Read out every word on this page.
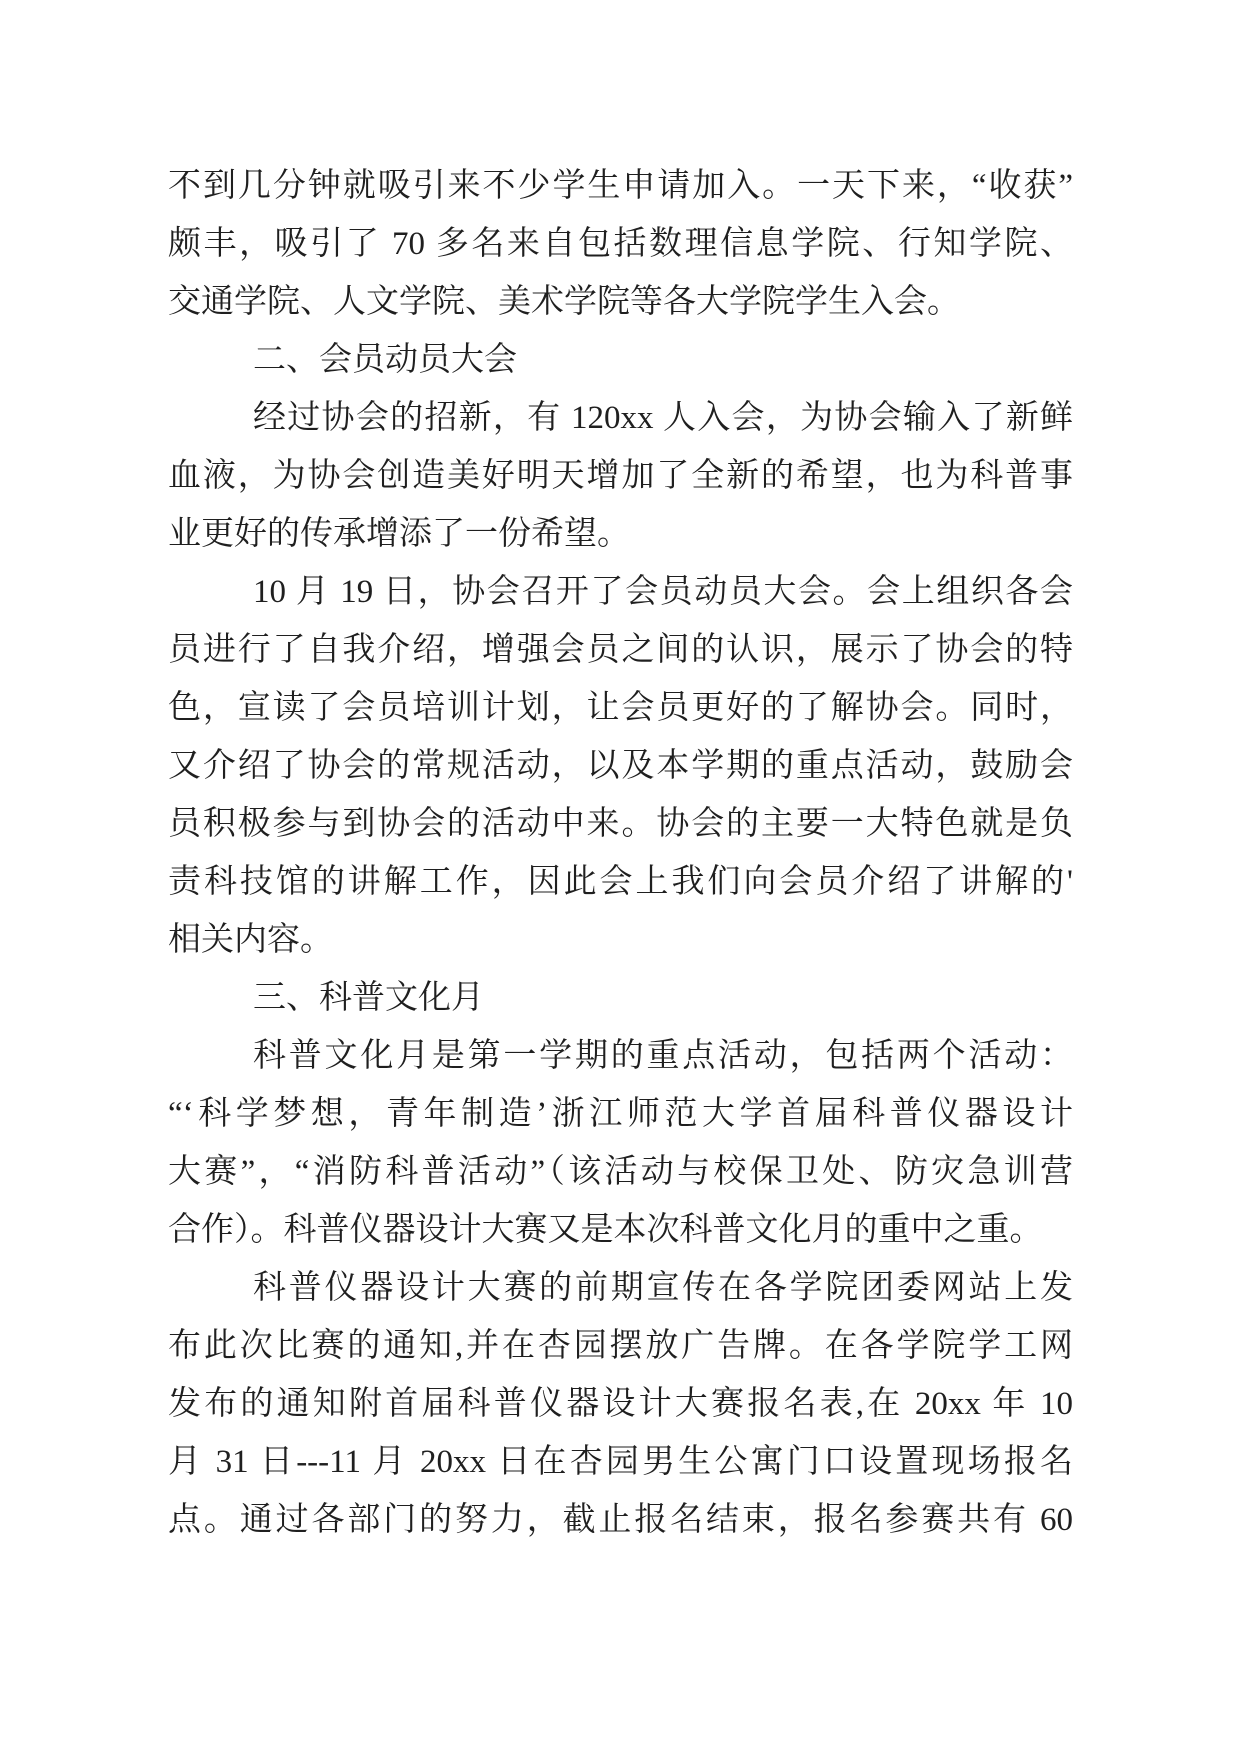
不到几分钟就吸引来不少学生申请加入。一天下来，“收获”
颇丰，吸引了 70 多名来自包括数理信息学院、行知学院、
交通学院、人文学院、美术学院等各大学院学生入会。
二、会员动员大会
经过协会的招新，有 120xx 人入会，为协会输入了新鲜
血液，为协会创造美好明天增加了全新的希望，也为科普事
业更好的传承增添了一份希望。
10 月 19 日，协会召开了会员动员大会。会上组织各会
员进行了自我介绍，增强会员之间的认识，展示了协会的特
色，宣读了会员培训计划，让会员更好的了解协会。同时，
又介绍了协会的常规活动，以及本学期的重点活动，鼓励会
员积极参与到协会的活动中来。协会的主要一大特色就是负
责科技馆的讲解工作，因此会上我们向会员介绍了讲解的'
相关内容。
三、科普文化月
科普文化月是第一学期的重点活动，包括两个活动：
“‘科学梦想，青年制造’浙江师范大学首届科普仪器设计
大赛”，“消防科普活动”（该活动与校保卫处、防灾急训营
合作）。科普仪器设计大赛又是本次科普文化月的重中之重。
科普仪器设计大赛的前期宣传在各学院团委网站上发
布此次比赛的通知,并在杏园摆放广告牌。在各学院学工网
发布的通知附首届科普仪器设计大赛报名表,在 20xx 年 10
月 31 日---11 月 20xx 日在杏园男生公寓门口设置现场报名
点。通过各部门的努力，截止报名结束，报名参赛共有 60
